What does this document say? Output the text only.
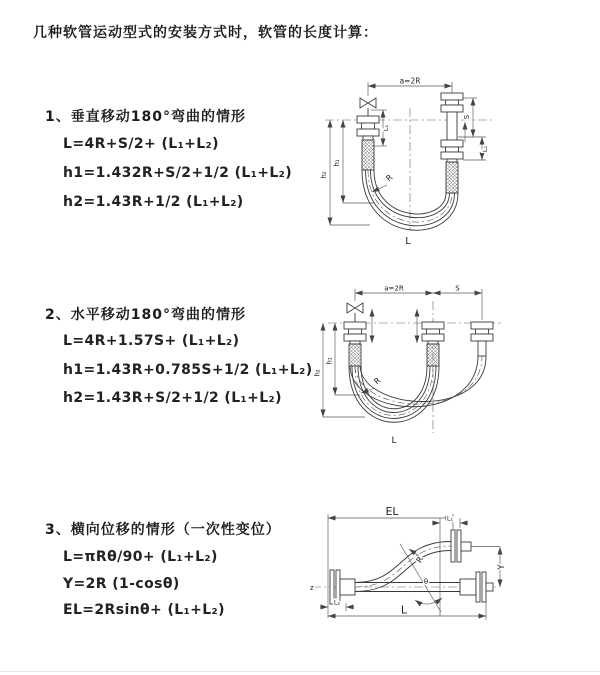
几种软管运动型式的安装方式时，软管的长度计算：
1、垂直移动180°弯曲的情形
L=4R+S/2+ (L₁+L₂)
h1=1.432R+S/2+1/2 (L₁+L₂)
h2=1.43R+1/2 (L₁+L₂)
2、水平移动180°弯曲的情形
L=4R+1.57S+ (L₁+L₂)
h1=1.43R+0.785S+1/2 (L₁+L₂)
h2=1.43R+S/2+1/2 (L₁+L₂)
3、横向位移的情形（一次性变位）
L=πRθ/90+ (L₁+L₂)
Y=2R (1-cosθ)
EL=2Rsinθ+ (L₁+L₂)
a=2R
h₁
h₂
L₁
S
L₂
R
L
a=2R	S
h₁
h₂
R
L
z
EL
L₁
Y
θ
R
L₂
L
